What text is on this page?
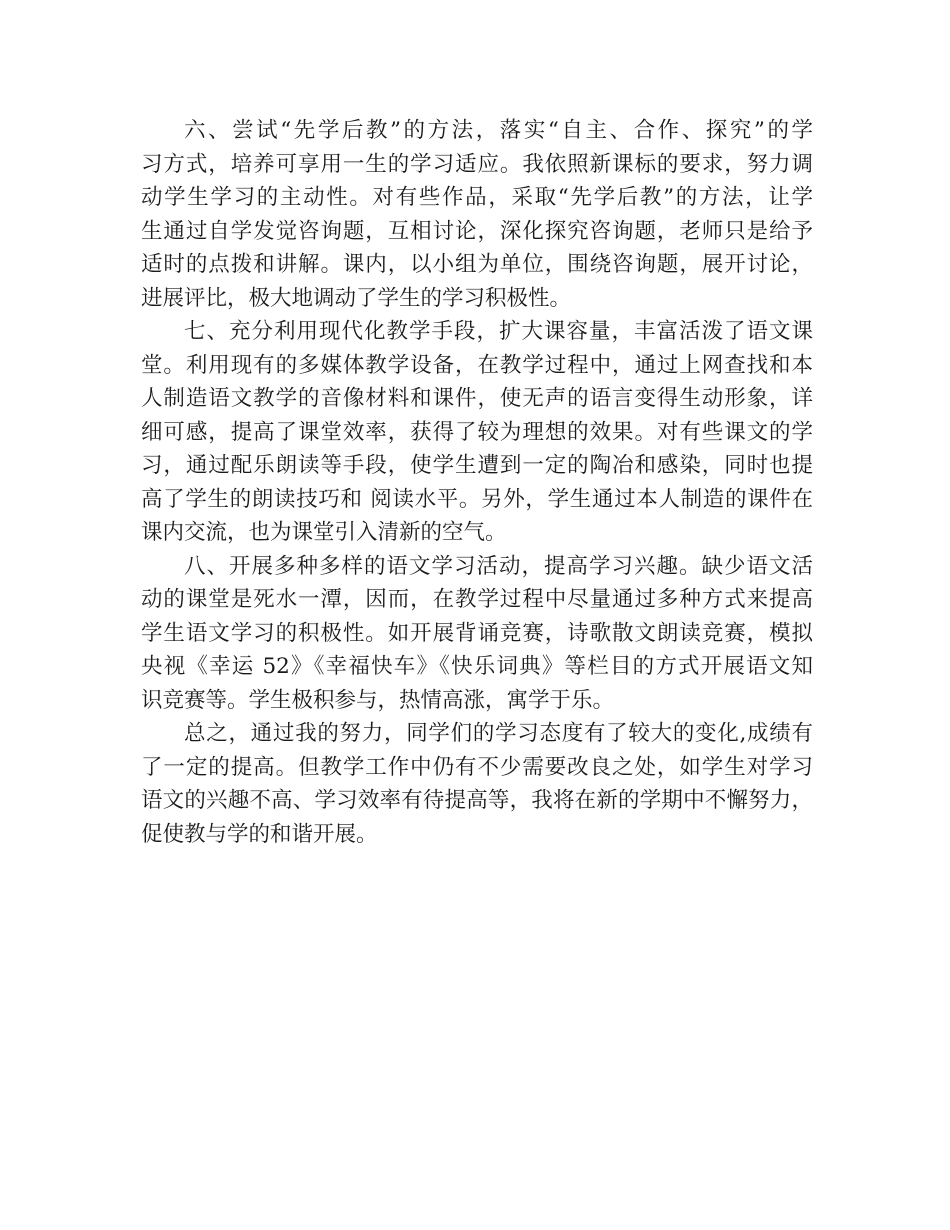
六、尝试“先学后教”的方法，落实“自主、合作、探究”的学
习方式，培养可享用一生的学习适应。我依照新课标的要求，努力调
动学生学习的主动性。对有些作品，采取“先学后教”的方法，让学
生通过自学发觉咨询题，互相讨论，深化探究咨询题，老师只是给予
适时的点拨和讲解。课内，以小组为单位，围绕咨询题，展开讨论，
进展评比，极大地调动了学生的学习积极性。
七、充分利用现代化教学手段，扩大课容量，丰富活泼了语文课
堂。利用现有的多媒体教学设备，在教学过程中，通过上网查找和本
人制造语文教学的音像材料和课件，使无声的语言变得生动形象，详
细可感，提高了课堂效率，获得了较为理想的效果。对有些课文的学
习，通过配乐朗读等手段，使学生遭到一定的陶冶和感染，同时也提
高了学生的朗读技巧和 阅读水平。另外，学生通过本人制造的课件在
课内交流，也为课堂引入清新的空气。
八、开展多种多样的语文学习活动，提高学习兴趣。缺少语文活
动的课堂是死水一潭，因而，在教学过程中尽量通过多种方式来提高
学生语文学习的积极性。如开展背诵竞赛，诗歌散文朗读竞赛，模拟
央视《幸运 52》《幸福快车》《快乐词典》等栏目的方式开展语文知
识竞赛等。学生极积参与，热情高涨，寓学于乐。
总之，通过我的努力，同学们的学习态度有了较大的变化,成绩有
了一定的提高。但教学工作中仍有不少需要改良之处，如学生对学习
语文的兴趣不高、学习效率有待提高等，我将在新的学期中不懈努力，
促使教与学的和谐开展。
